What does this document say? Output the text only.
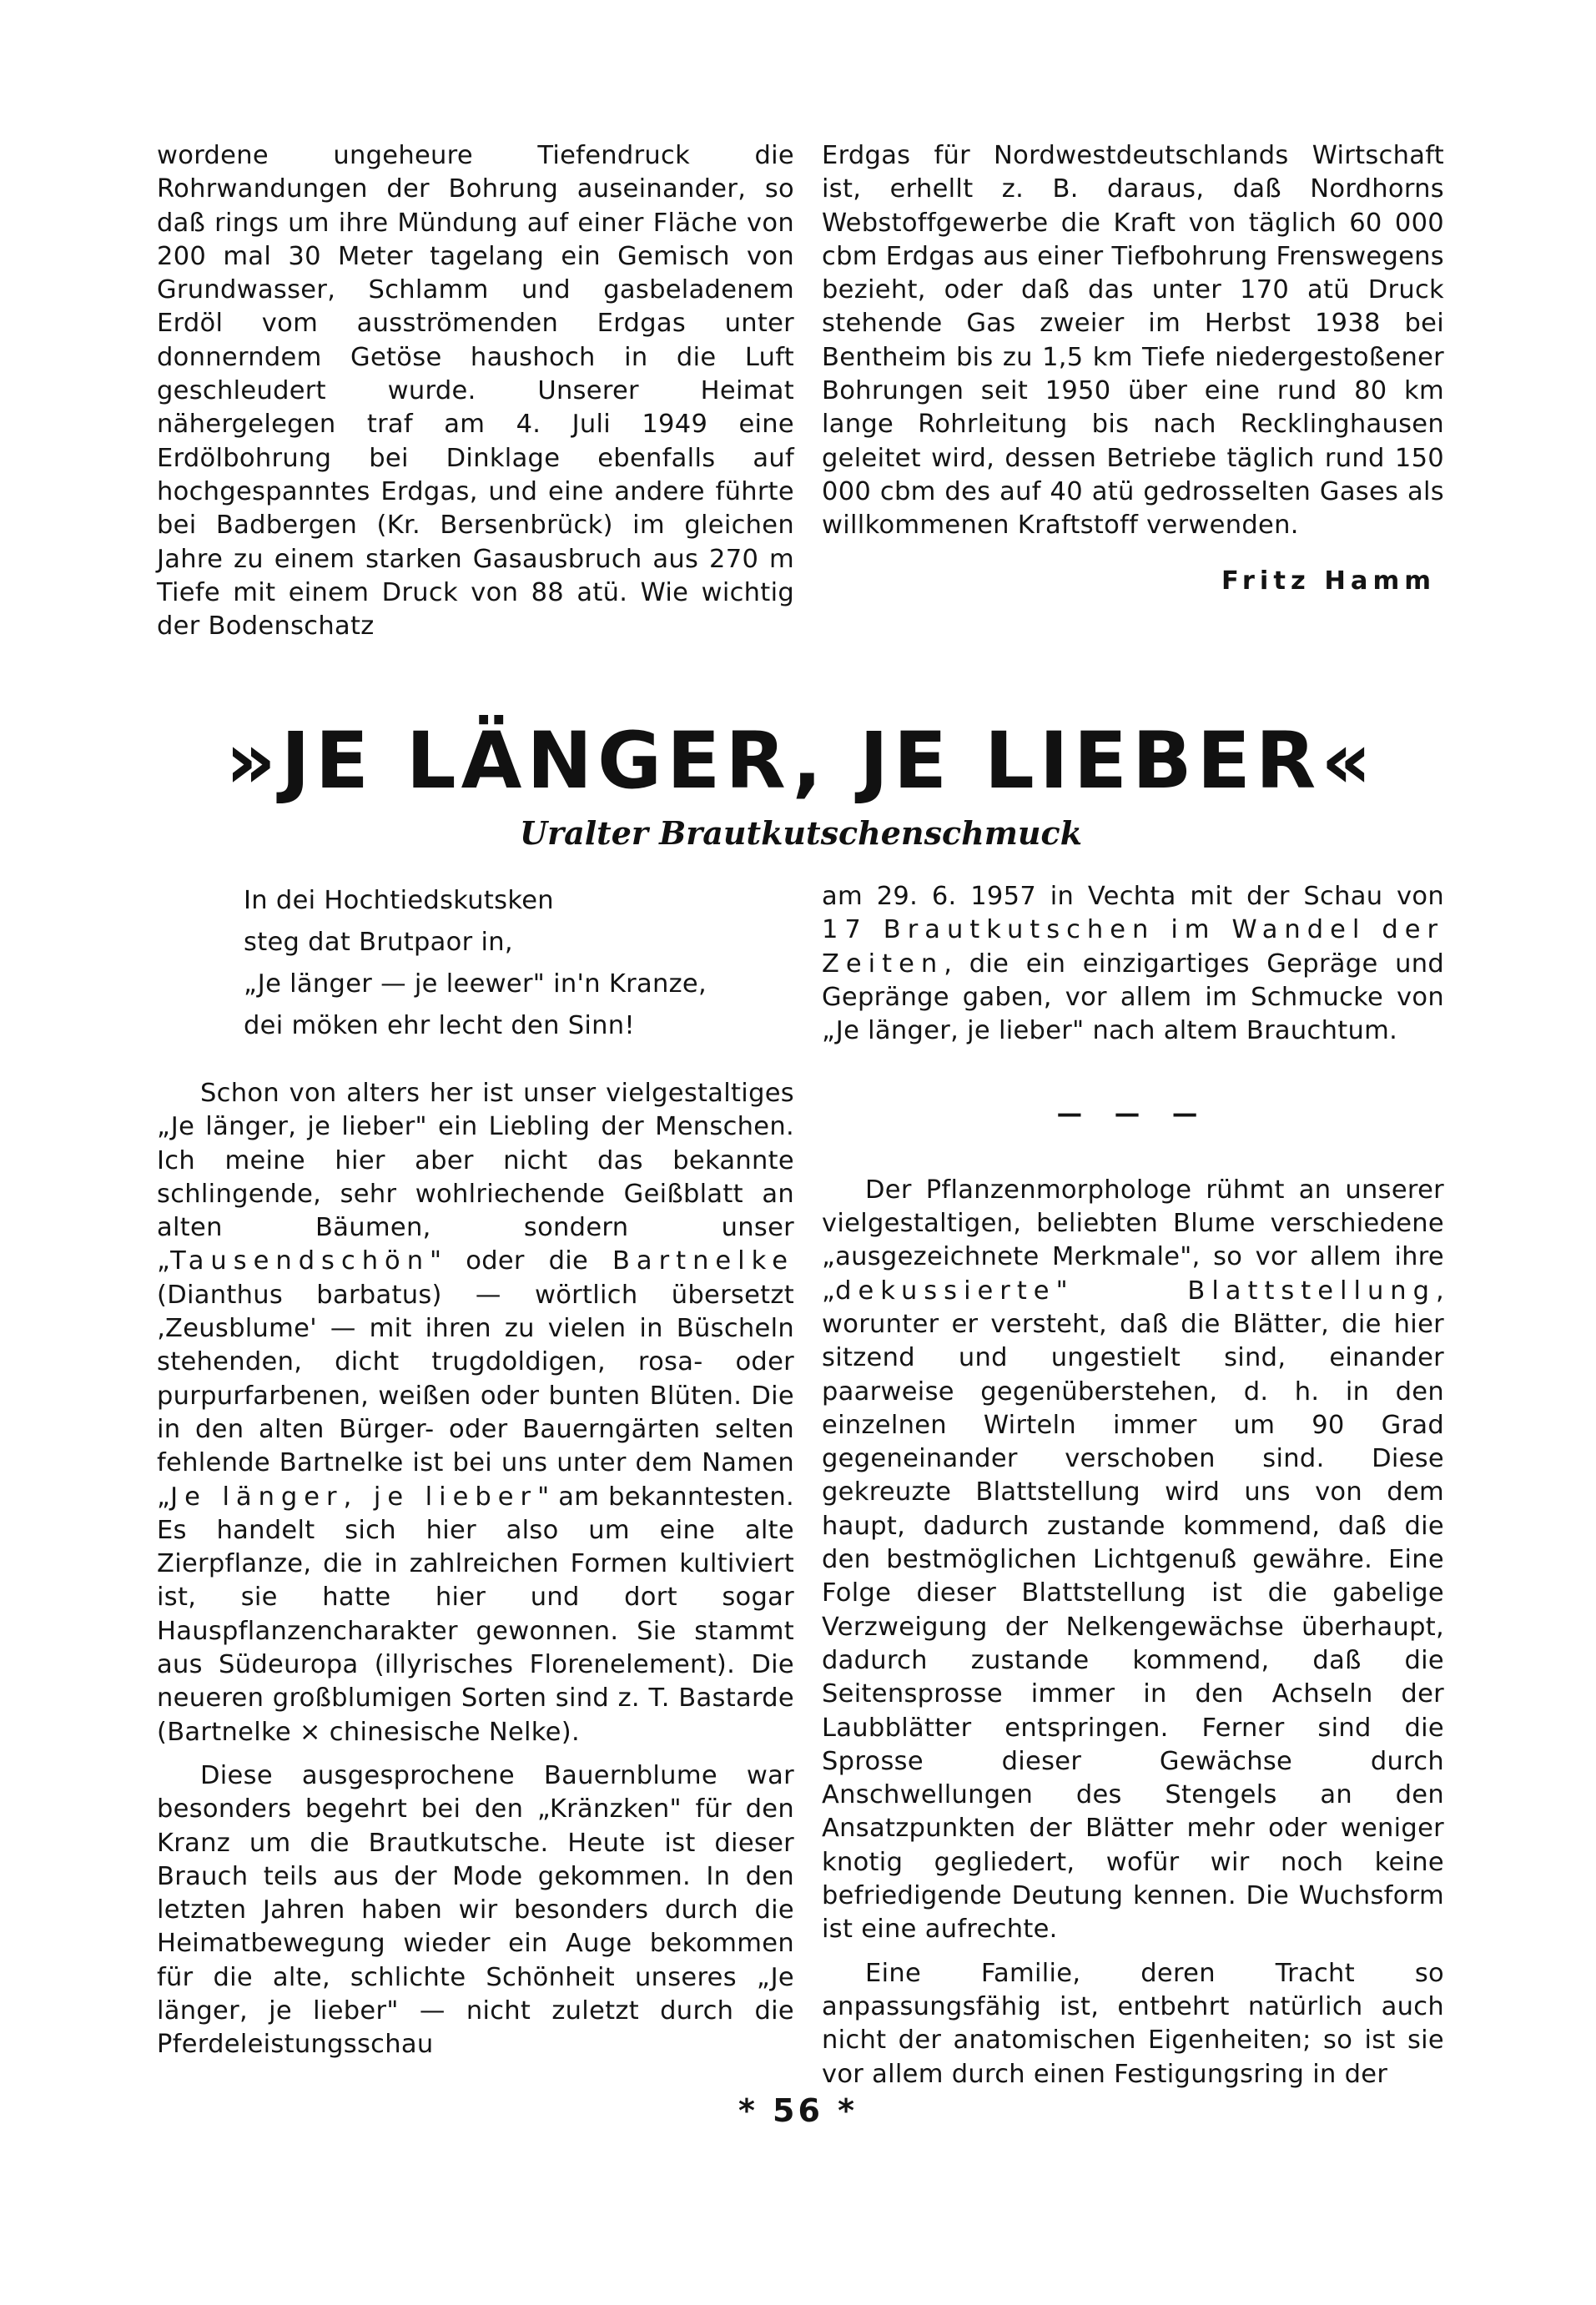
wordene ungeheure Tiefendruck die Rohrwandungen der Bohrung auseinander, so daß rings um ihre Mündung auf einer Fläche von 200 mal 30 Meter tagelang ein Gemisch von Grundwasser, Schlamm und gasbeladenem Erdöl vom ausströmenden Erdgas unter donnerndem Getöse haushoch in die Luft geschleudert wurde. Unserer Heimat nähergelegen traf am 4. Juli 1949 eine Erdölbohrung bei Dinklage ebenfalls auf hochgespanntes Erdgas, und eine andere führte bei Badbergen (Kr. Bersenbrück) im gleichen Jahre zu einem starken Gasausbruch aus 270 m Tiefe mit einem Druck von 88 atü. Wie wichtig der Bodenschatz

Erdgas für Nordwestdeutschlands Wirtschaft ist, erhellt z. B. daraus, daß Nordhorns Webstoffgewerbe die Kraft von täglich 60 000 cbm Erdgas aus einer Tiefbohrung Frenswegens bezieht, oder daß das unter 170 atü Druck stehende Gas zweier im Herbst 1938 bei Bentheim bis zu 1,5 km Tiefe niedergestoßener Bohrungen seit 1950 über eine rund 80 km lange Rohrleitung bis nach Recklinghausen geleitet wird, dessen Betriebe täglich rund 150 000 cbm des auf 40 atü gedrosselten Gases als willkommenen Kraftstoff verwenden.

Fritz Hamm

»JE LÄNGER, JE LIEBER«
Uralter Brautkutschenschmuck

In dei Hochtiedskutsken

steg dat Brutpaor in,

„Je länger — je leewer" in'n Kranze,

dei möken ehr lecht den Sinn!

Schon von alters her ist unser vielgestaltiges „Je länger, je lieber" ein Liebling der Menschen. Ich meine hier aber nicht das bekannte schlingende, sehr wohlriechende Geißblatt an alten Bäumen, sondern unser „Tausendschön" oder die Bartnelke (Dianthus barbatus) — wörtlich übersetzt ‚Zeusblume' — mit ihren zu vielen in Büscheln stehenden, dicht trugdoldigen, rosa- oder purpurfarbenen, weißen oder bunten Blüten. Die in den alten Bürger- oder Bauerngärten selten fehlende Bartnelke ist bei uns unter dem Namen „Je länger, je lieber" am bekanntesten. Es handelt sich hier also um eine alte Zierpflanze, die in zahlreichen Formen kultiviert ist, sie hatte hier und dort sogar Hauspflanzencharakter gewonnen. Sie stammt aus Südeuropa (illyrisches Florenelement). Die neueren großblumigen Sorten sind z. T. Bastarde (Bartnelke × chinesische Nelke).

Diese ausgesprochene Bauernblume war besonders begehrt bei den „Kränzken" für den Kranz um die Brautkutsche. Heute ist dieser Brauch teils aus der Mode gekommen. In den letzten Jahren haben wir besonders durch die Heimatbewegung wieder ein Auge bekommen für die alte, schlichte Schönheit unseres „Je länger, je lieber" — nicht zuletzt durch die Pferdeleistungsschau

am 29. 6. 1957 in Vechta mit der Schau von 17 Brautkutschen im Wandel der Zeiten, die ein einzigartiges Gepräge und Gepränge gaben, vor allem im Schmucke von „Je länger, je lieber" nach altem Brauchtum.

— — —

Der Pflanzenmorphologe rühmt an unserer vielgestaltigen, beliebten Blume verschiedene „ausgezeichnete Merkmale", so vor allem ihre „dekussierte" Blattstellung, worunter er versteht, daß die Blätter, die hier sitzend und ungestielt sind, einander paarweise gegenüberstehen, d. h. in den einzelnen Wirteln immer um 90 Grad gegeneinander verschoben sind. Diese gekreuzte Blattstellung wird uns von dem haupt, dadurch zustande kommend, daß die den bestmöglichen Lichtgenuß gewähre. Eine Folge dieser Blattstellung ist die gabelige Verzweigung der Nelkengewächse überhaupt, dadurch zustande kommend, daß die Seitensprosse immer in den Achseln der Laubblätter entspringen. Ferner sind die Sprosse dieser Gewächse durch Anschwellungen des Stengels an den Ansatzpunkten der Blätter mehr oder weniger knotig gegliedert, wofür wir noch keine befriedigende Deutung kennen. Die Wuchsform ist eine aufrechte.

Eine Familie, deren Tracht so anpassungsfähig ist, entbehrt natürlich auch nicht der anatomischen Eigenheiten; so ist sie vor allem durch einen Festigungsring in der

* 56 *
